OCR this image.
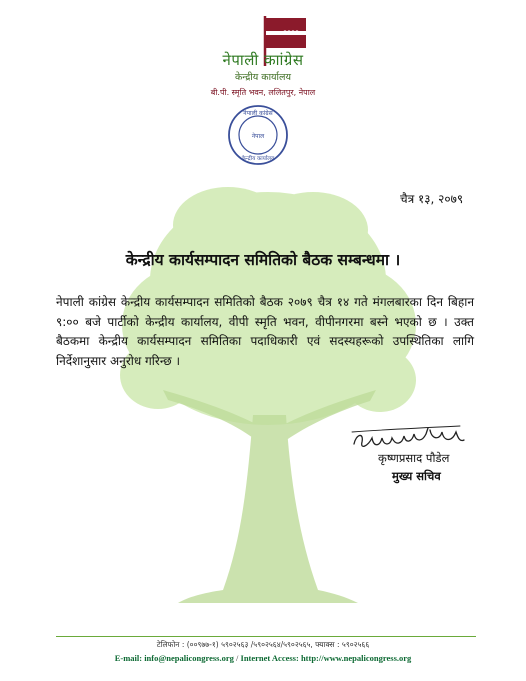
नेपाली काांग्रेस
केन्द्रीय कार्यालय
बी.पी. स्मृति भवन, ललितपुर, नेपाल
नेपाली कांग्रेस
नेपाल
केन्द्रीय कार्यालय
चैत्र १३, २०७९
केन्द्रीय कार्यसम्पादन समितिको बैठक सम्बन्धमा ।
नेपाली कांग्रेस केन्द्रीय कार्यसम्पादन समितिको बैठक २०७९ चैत्र १४ गते मंगलबारका दिन बिहान ९:०० बजे पार्टीको केन्द्रीय कार्यालय, वीपी स्मृति भवन, वीपीनगरमा बस्ने भएको छ । उक्त बैठकमा केन्द्रीय कार्यसम्पादन समितिका पदाधिकारी एवं सदस्यहरूको उपस्थितिका लागि निर्देशानुसार अनुरोध गरिन्छ ।
कृष्णप्रसाद पौडेल
मुख्य सचिव
टेलिफोन : (००९७७-१) ५९०२५६३ /५९०२५६४/५९०२५६५, फ्याक्स : ५९०२५६६
E-mail: info@nepalicongress.org / Internet Access: http://www.nepalicongress.org
